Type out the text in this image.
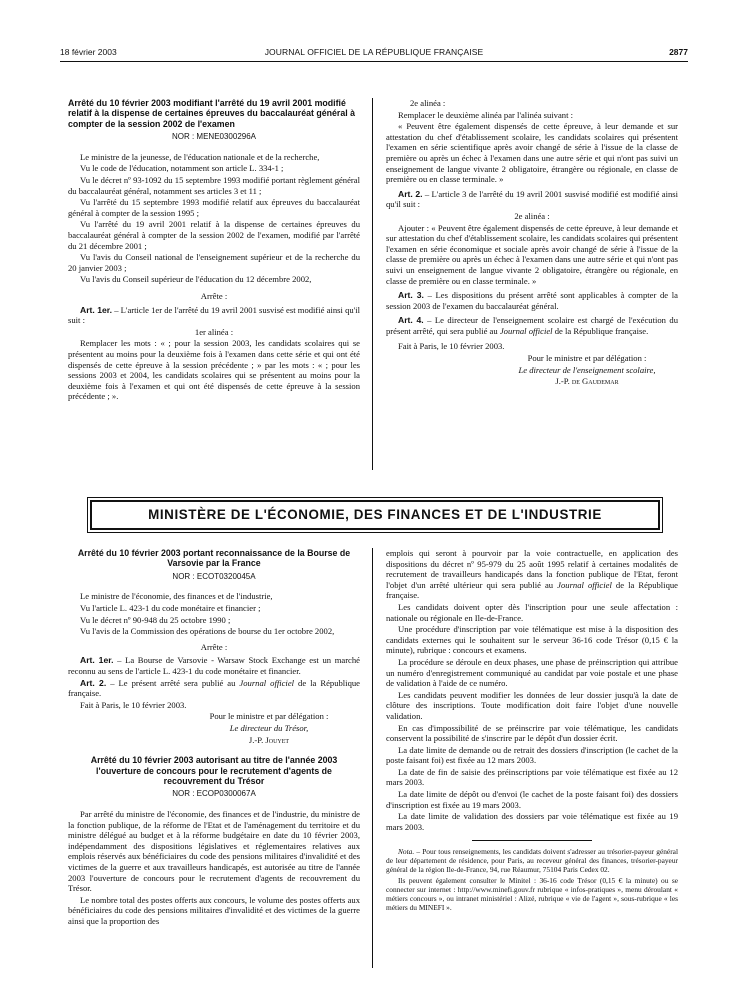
18 février 2003	JOURNAL OFFICIEL DE LA RÉPUBLIQUE FRANÇAISE	2877
Arrêté du 10 février 2003 modifiant l'arrêté du 19 avril 2001 modifié relatif à la dispense de certaines épreuves du baccalauréat général à compter de la session 2002 de l'examen
NOR : MENE0300296A

Le ministre de la jeunesse, de l'éducation nationale et de la recherche,

Vu le code de l'éducation, notamment son article L. 334-1 ;

Vu le décret nº 93-1092 du 15 septembre 1993 modifié portant règlement général du baccalauréat général, notamment ses articles 3 et 11 ;

Vu l'arrêté du 15 septembre 1993 modifié relatif aux épreuves du baccalauréat général à compter de la session 1995 ;

Vu l'arrêté du 19 avril 2001 relatif à la dispense de certaines épreuves du baccalauréat général à compter de la session 2002 de l'examen, modifié par l'arrêté du 21 décembre 2001 ;

Vu l'avis du Conseil national de l'enseignement supérieur et de la recherche du 20 janvier 2003 ;

Vu l'avis du Conseil supérieur de l'éducation du 12 décembre 2002,

Arrête :

Art. 1er. – L'article 1er de l'arrêté du 19 avril 2001 susvisé est modifié ainsi qu'il suit :

1er alinéa :

Remplacer les mots : « ; pour la session 2003, les candidats scolaires qui se présentent au moins pour la deuxième fois à l'examen dans cette série et qui ont été dispensés de cette épreuve à la session précédente ; » par les mots : « ; pour les sessions 2003 et 2004, les candidats scolaires qui se présentent au moins pour la deuxième fois à l'examen et qui ont été dispensés de cette épreuve à la session précédente ; ».

2e alinéa :

Remplacer le deuxième alinéa par l'alinéa suivant :

« Peuvent être également dispensés de cette épreuve, à leur demande et sur attestation du chef d'établissement scolaire, les candidats scolaires qui présentent l'examen en série scientifique après avoir changé de série à l'issue de la classe de première ou après un échec à l'examen dans une autre série et qui n'ont pas suivi un enseignement de langue vivante 2 obligatoire, étrangère ou régionale, en classe de première ou en classe terminale. »

Art. 2. – L'article 3 de l'arrêté du 19 avril 2001 susvisé modifié est modifié ainsi qu'il suit :

2e alinéa :

Ajouter : « Peuvent être également dispensés de cette épreuve, à leur demande et sur attestation du chef d'établissement scolaire, les candidats scolaires qui présentent l'examen en série économique et sociale après avoir changé de série à l'issue de la classe de première ou après un échec à l'examen dans une autre série et qui n'ont pas suivi un enseignement de langue vivante 2 obligatoire, étrangère ou régionale, en classe de première ou en classe terminale. »

Art. 3. – Les dispositions du présent arrêté sont applicables à compter de la session 2003 de l'examen du baccalauréat général.

Art. 4. – Le directeur de l'enseignement scolaire est chargé de l'exécution du présent arrêté, qui sera publié au Journal officiel de la République française.

Fait à Paris, le 10 février 2003.

Pour le ministre et par délégation :

Le directeur de l'enseignement scolaire,

J.-P. de Gaudemar

MINISTÈRE DE L'ÉCONOMIE, DES FINANCES ET DE L'INDUSTRIE
Arrêté du 10 février 2003 portant reconnaissance de la Bourse de Varsovie par la France
NOR : ECOT0320045A

Le ministre de l'économie, des finances et de l'industrie,

Vu l'article L. 423-1 du code monétaire et financier ;

Vu le décret nº 90-948 du 25 octobre 1990 ;

Vu l'avis de la Commission des opérations de bourse du 1er octobre 2002,

Arrête :

Art. 1er. – La Bourse de Varsovie - Warsaw Stock Exchange est un marché reconnu au sens de l'article L. 423-1 du code monétaire et financier.

Art. 2. – Le présent arrêté sera publié au Journal officiel de la République française.

Fait à Paris, le 10 février 2003.

Pour le ministre et par délégation :

Le directeur du Trésor,

J.-P. Jouyet

Arrêté du 10 février 2003 autorisant au titre de l'année 2003 l'ouverture de concours pour le recrutement d'agents de recouvrement du Trésor
NOR : ECOP0300067A

Par arrêté du ministre de l'économie, des finances et de l'industrie, du ministre de la fonction publique, de la réforme de l'Etat et de l'aménagement du territoire et du ministre délégué au budget et à la réforme budgétaire en date du 10 février 2003, indépendamment des dispositions législatives et réglementaires relatives aux emplois réservés aux bénéficiaires du code des pensions militaires d'invalidité et des victimes de la guerre et aux travailleurs handicapés, est autorisée au titre de l'année 2003 l'ouverture de concours pour le recrutement d'agents de recouvrement du Trésor.

Le nombre total des postes offerts aux concours, le volume des postes offerts aux bénéficiaires du code des pensions militaires d'invalidité et des victimes de la guerre ainsi que la proportion des

emplois qui seront à pourvoir par la voie contractuelle, en application des dispositions du décret nº 95-979 du 25 août 1995 relatif à certaines modalités de recrutement de travailleurs handicapés dans la fonction publique de l'Etat, feront l'objet d'un arrêté ultérieur qui sera publié au Journal officiel de la République française.

Les candidats doivent opter dès l'inscription pour une seule affectation : nationale ou régionale en Ile-de-France.

Une procédure d'inscription par voie télématique est mise à la disposition des candidats externes qui le souhaitent sur le serveur 36-16 code Trésor (0,15 € la minute), rubrique : concours et examens.

La procédure se déroule en deux phases, une phase de préinscription qui attribue un numéro d'enregistrement communiqué au candidat par voie postale et une phase de validation à l'aide de ce numéro.

Les candidats peuvent modifier les données de leur dossier jusqu'à la date de clôture des inscriptions. Toute modification doit faire l'objet d'une nouvelle validation.

En cas d'impossibilité de se préinscrire par voie télématique, les candidats conservent la possibilité de s'inscrire par le dépôt d'un dossier écrit.

La date limite de demande ou de retrait des dossiers d'inscription (le cachet de la poste faisant foi) est fixée au 12 mars 2003.

La date de fin de saisie des préinscriptions par voie télématique est fixée au 12 mars 2003.

La date limite de dépôt ou d'envoi (le cachet de la poste faisant foi) des dossiers d'inscription est fixée au 19 mars 2003.

La date limite de validation des dossiers par voie télématique est fixée au 19 mars 2003.

Nota. – Pour tous renseignements, les candidats doivent s'adresser au trésorier-payeur général de leur département de résidence, pour Paris, au receveur général des finances, trésorier-payeur général de la région Ile-de-France, 94, rue Réaumur, 75104 Paris Cedex 02.

Ils peuvent également consulter le Minitel : 36-16 code Trésor (0,15 € la minute) ou se connecter sur internet : http://www.minefi.gouv.fr rubrique « infos-pratiques », menu déroulant « métiers concours », ou intranet ministériel : Alizé, rubrique « vie de l'agent », sous-rubrique « les métiers du MINEFI ».
